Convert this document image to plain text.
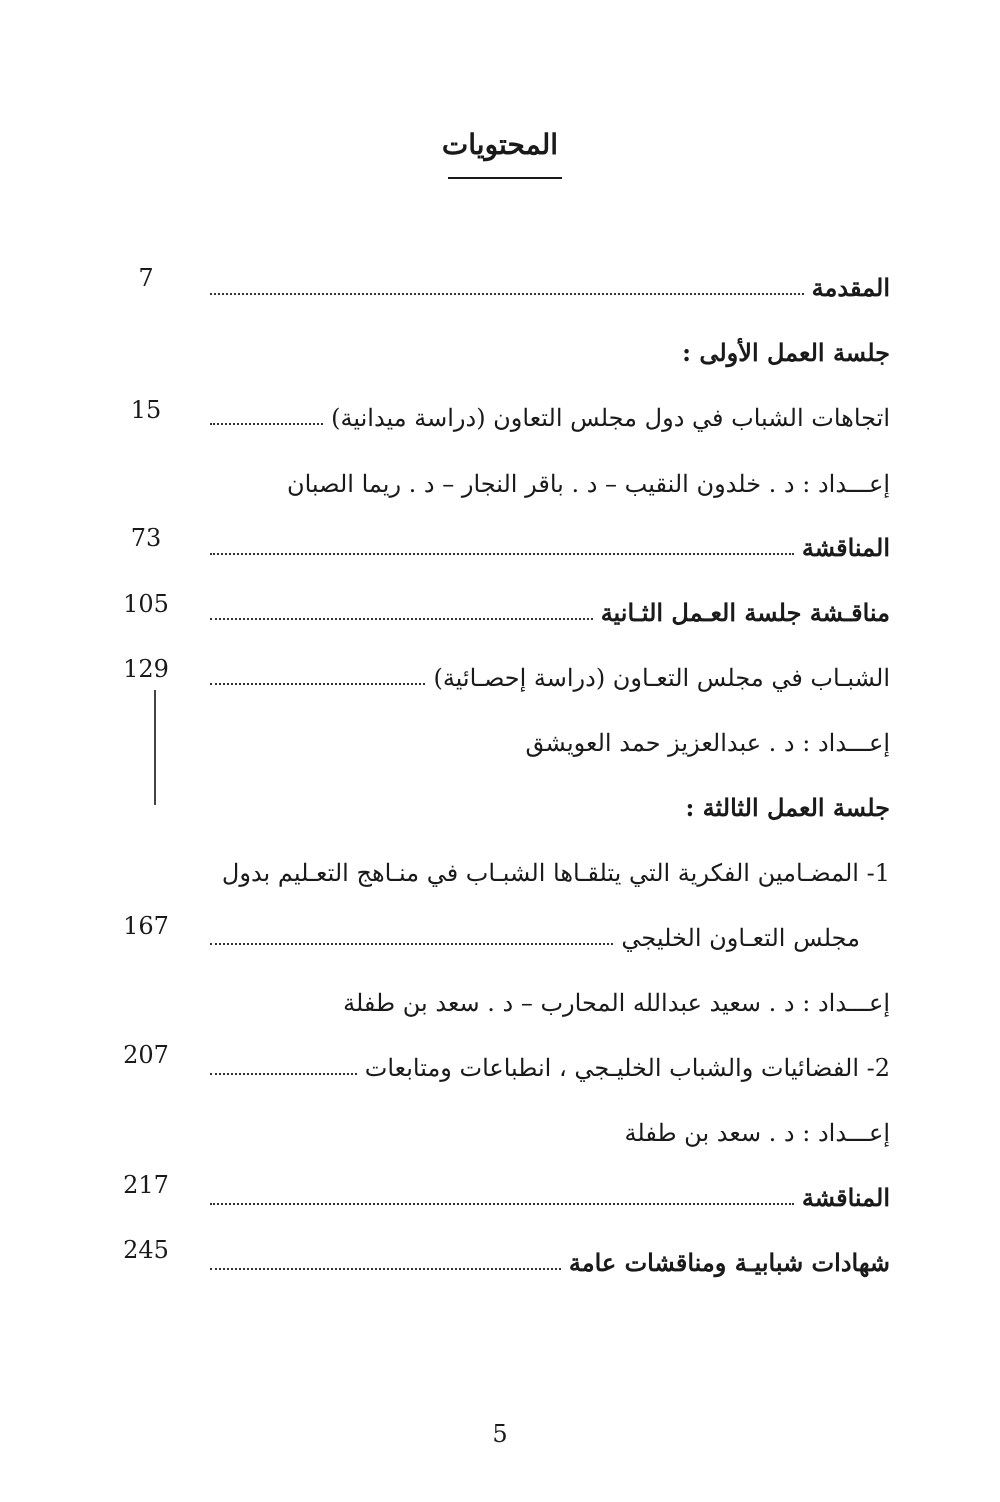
المحتويات
المقدمة
7
جلسة العمل الأولى :
اتجاهات الشباب في دول مجلس التعاون (دراسة ميدانية)
15
إعـــداد : د . خلدون النقيب – د . باقر النجار – د . ريما الصبان
المناقشة
73
مناقـشة جلسة العـمل الثـانية
105
الشبـاب في مجلس التعـاون (دراسة إحصـائية)
129
إعـــداد : د . عبدالعزيز حمد العويشق
جلسة العمل الثالثة :
1- المضـامين الفكرية التي يتلقـاها الشبـاب في منـاهج التعـليم بدول
مجلس التعـاون الخليجي
167
إعـــداد : د . سعيد عبدالله المحارب – د . سعد بن طفلة
2- الفضائيات والشباب الخليـجي ، انطباعات ومتابعات
207
إعـــداد : د . سعد بن طفلة
المناقشة
217
شهادات شبابيـة ومناقشات عامة
245
5
